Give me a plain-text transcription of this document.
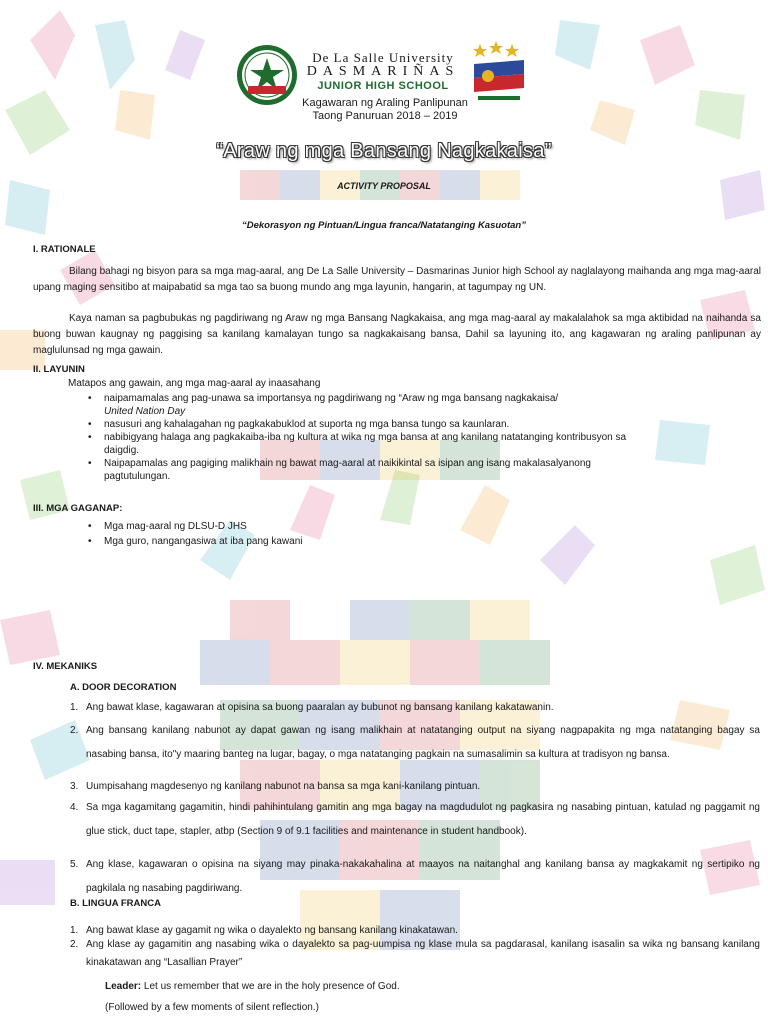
De La Salle University
DASMARIÑAS
JUNIOR HIGH SCHOOL
Kagawaran ng Araling Panlipunan
Taong Panuruan 2018 – 2019
“Araw ng mga Bansang Nagkakaisa”
ACTIVITY PROPOSAL
“Dekorasyon ng Pintuan/Lingua franca/Natatanging Kasuotan”
I. RATIONALE

Bilang bahagi ng bisyon para sa mga mag-aaral, ang De La Salle University – Dasmarinas Junior high School ay naglalayong maihanda ang mga mag-aaral upang maging sensitibo at maipabatid sa mga tao sa buong mundo ang mga layunin, hangarin, at tagumpay ng UN.

Kaya naman sa pagbubukas ng pagdiriwang ng Araw ng mga Bansang Nagkakaisa, ang mga mag-aaral ay makalalahok sa mga aktibidad na naihanda sa buong buwan kaugnay ng paggising sa kanilang kamalayan tungo sa nagkakaisang bansa, Dahil sa layuning ito, ang kagawaran ng araling panlipunan ay maglulunsad ng mga gawain.

II. LAYUNIN
Matapos ang gawain, ang mga mag-aaral ay inaasahang
• naipamamalas ang pag-unawa sa importansya ng pagdiriwang ng “Araw ng mga bansang nagkakaisa/
United Nation Day
• nasusuri ang kahalagahan ng pagkakabuklod at suporta ng mga bansa tungo sa kaunlaran.
• nabibigyang halaga ang pagkakaiba-iba ng kultura at wika ng mga bansa at ang kanilang natatanging kontribusyon sa
daigdig.
• Naipapamalas ang pagiging malikhain ng bawat mag-aaral at naikikintal sa isipan ang isang makalasalyanong
pagtutulungan.
III. MGA GAGANAP:
• Mga mag-aaral ng DLSU-D JHS
• Mga guro, nangangasiwa at iba pang kawani
IV. MEKANIKS
A. DOOR DECORATION
1. Ang bawat klase, kagawaran at opisina sa buong paaralan ay bubunot ng bansang kanilang kakatawanin.
2. Ang bansang kanilang nabunot ay dapat gawan ng isang malikhain at natatanging output na siyang nagpapakita ng mga natatanging bagay sa nasabing bansa, ito"y maaring banteg na lugar, bagay, o mga natatanging pagkain na sumasalimin sa kultura at tradisyon ng bansa.
3. Uumpisahang magdesenyo ng kanilang nabunot na bansa sa mga kani-kanilang pintuan.
4. Sa mga kagamitang gagamitin, hindi pahihintulang gamitin ang mga bagay na magdudulot ng pagkasira ng nasabing pintuan, katulad ng paggamit ng glue stick, duct tape, stapler, atbp (Section 9 of 9.1 facilities and maintenance in student handbook).
5. Ang klase, kagawaran o opisina na siyang may pinaka-nakakahalina at maayos na naitanghal ang kanilang bansa ay magkakamit ng sertipiko ng pagkilala ng nasabing pagdiriwang.
B. LINGUA FRANCA
1. Ang bawat klase ay gagamit ng wika o dayalekto ng bansang kanilang kinakatawan.
2. Ang klase ay gagamitin ang nasabing wika o dayalekto sa pag-uumpisa ng klase mula sa pagdarasal, kanilang isasalin sa wika ng bansang kanilang kinakatawan ang “Lasallian Prayer”
Leader: Let us remember that we are in the holy presence of God.
(Followed by a few moments of silent reflection.)
